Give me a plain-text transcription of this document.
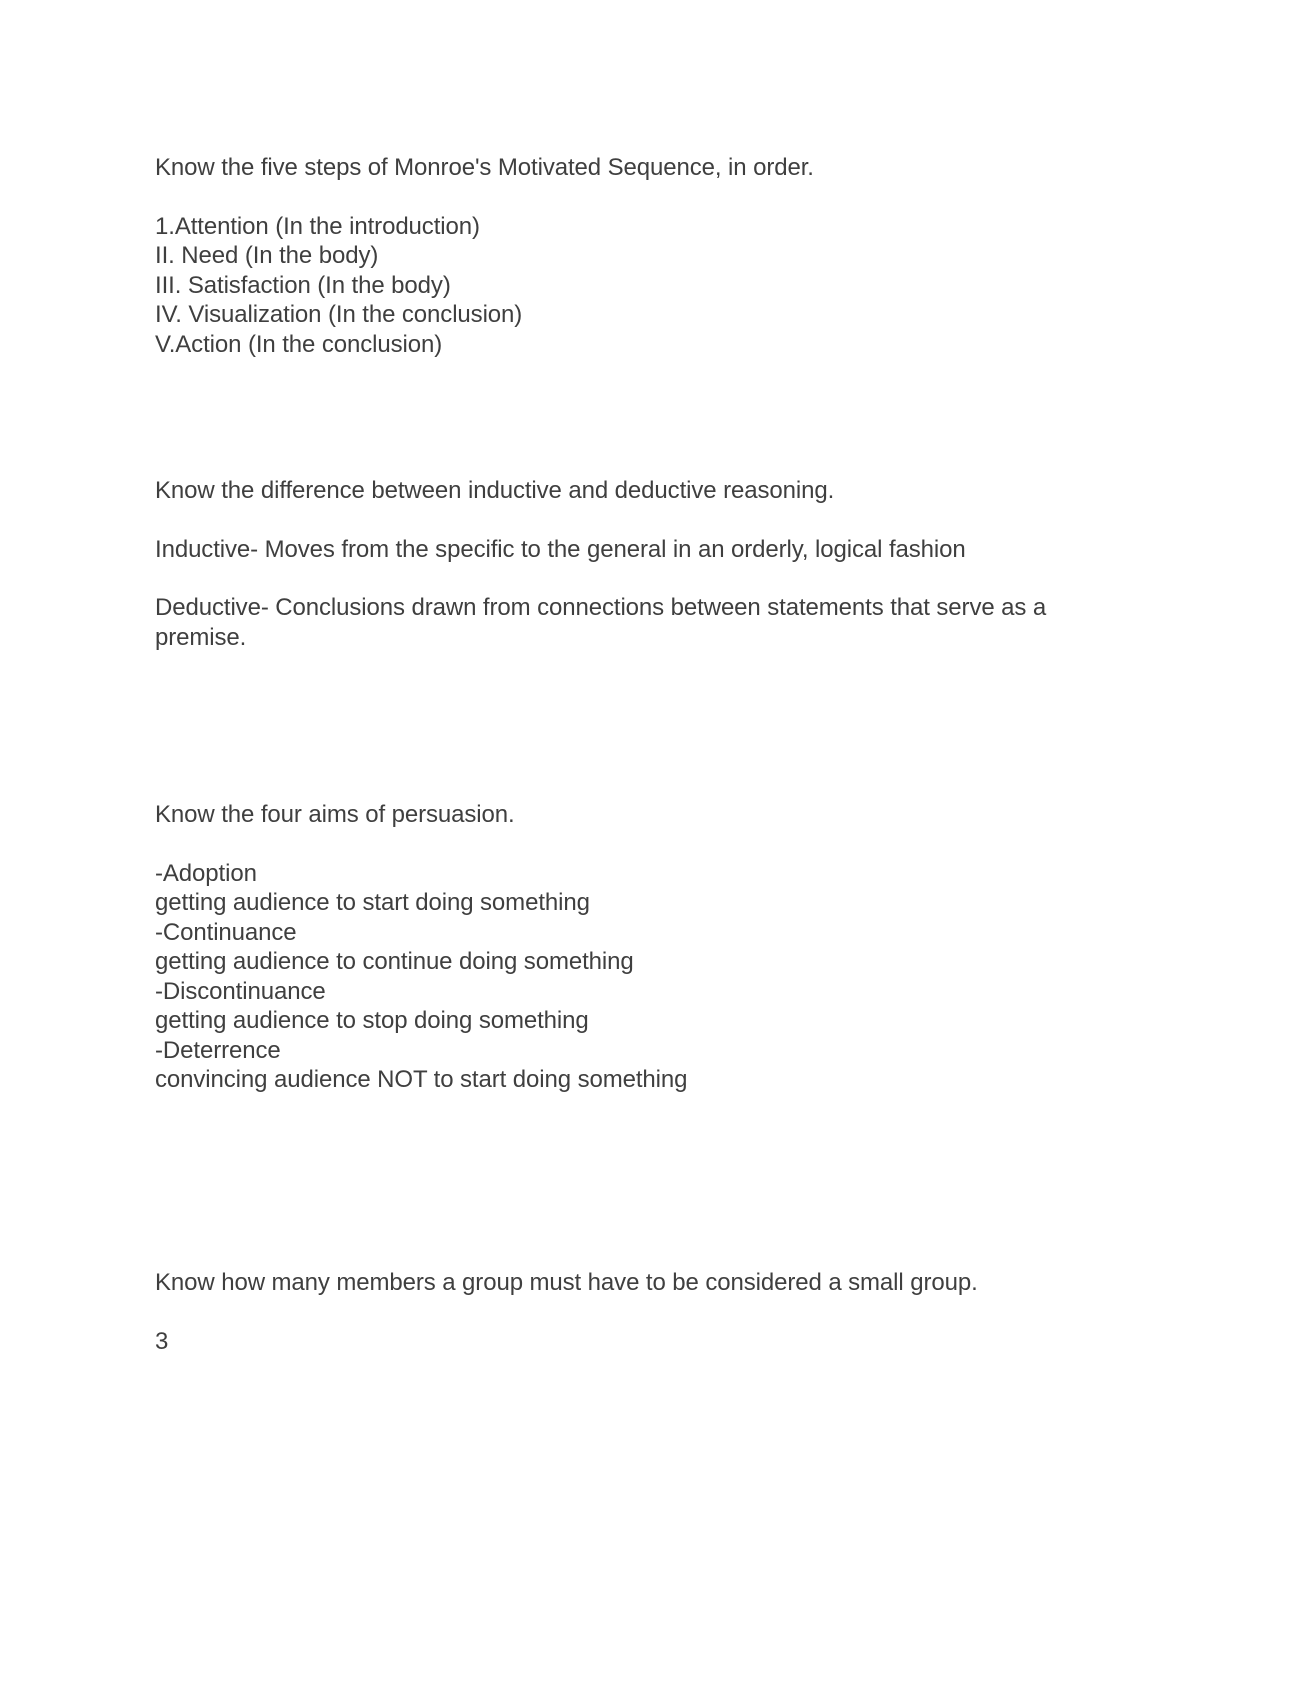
Know the five steps of Monroe's Motivated Sequence, in order.

1.Attention (In the introduction)

II. Need (In the body)

III. Satisfaction (In the body)

IV. Visualization (In the conclusion)

V.Action (In the conclusion)

Know the difference between inductive and deductive reasoning.

Inductive- Moves from the specific to the general in an orderly, logical fashion

Deductive- Conclusions drawn from connections between statements that serve as a premise.

Know the four aims of persuasion.

-Adoption

getting audience to start doing something

-Continuance

getting audience to continue doing something

-Discontinuance

getting audience to stop doing something

-Deterrence

convincing audience NOT to start doing something

Know how many members a group must have to be considered a small group.

3
